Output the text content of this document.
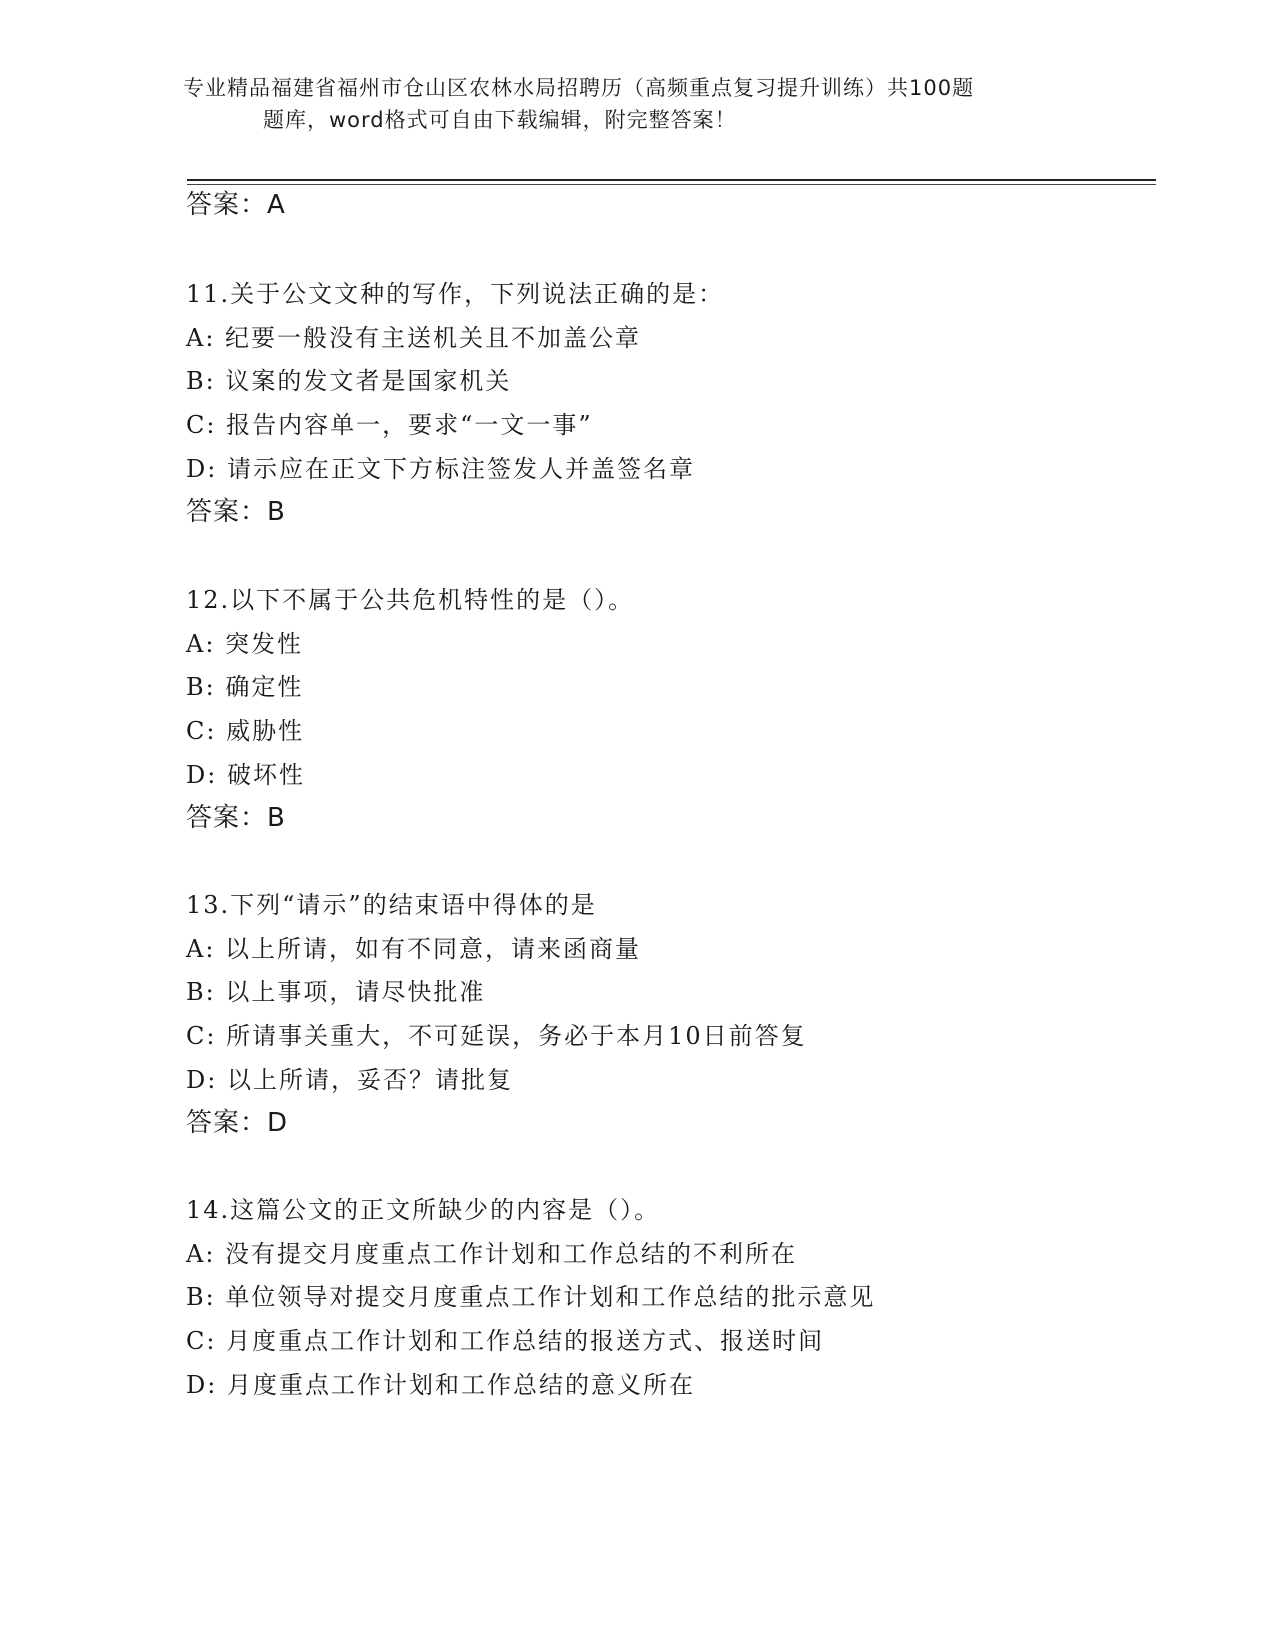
专业精品福建省福州市仓山区农林水局招聘历（高频重点复习提升训练）共100题
题库，word格式可自由下载编辑，附完整答案！
答案：A
11.关于公文文种的写作，下列说法正确的是：
A: 纪要一般没有主送机关且不加盖公章
B: 议案的发文者是国家机关
C: 报告内容单一，要求“一文一事”
D: 请示应在正文下方标注签发人并盖签名章
答案：B
12.以下不属于公共危机特性的是（）。
A: 突发性
B: 确定性
C: 威胁性
D: 破坏性
答案：B
13.下列“请示”的结束语中得体的是
A: 以上所请，如有不同意，请来函商量
B: 以上事项，请尽快批准
C: 所请事关重大，不可延误，务必于本月10日前答复
D: 以上所请，妥否？请批复
答案：D
14.这篇公文的正文所缺少的内容是（）。
A: 没有提交月度重点工作计划和工作总结的不利所在
B: 单位领导对提交月度重点工作计划和工作总结的批示意见
C: 月度重点工作计划和工作总结的报送方式、报送时间
D: 月度重点工作计划和工作总结的意义所在
